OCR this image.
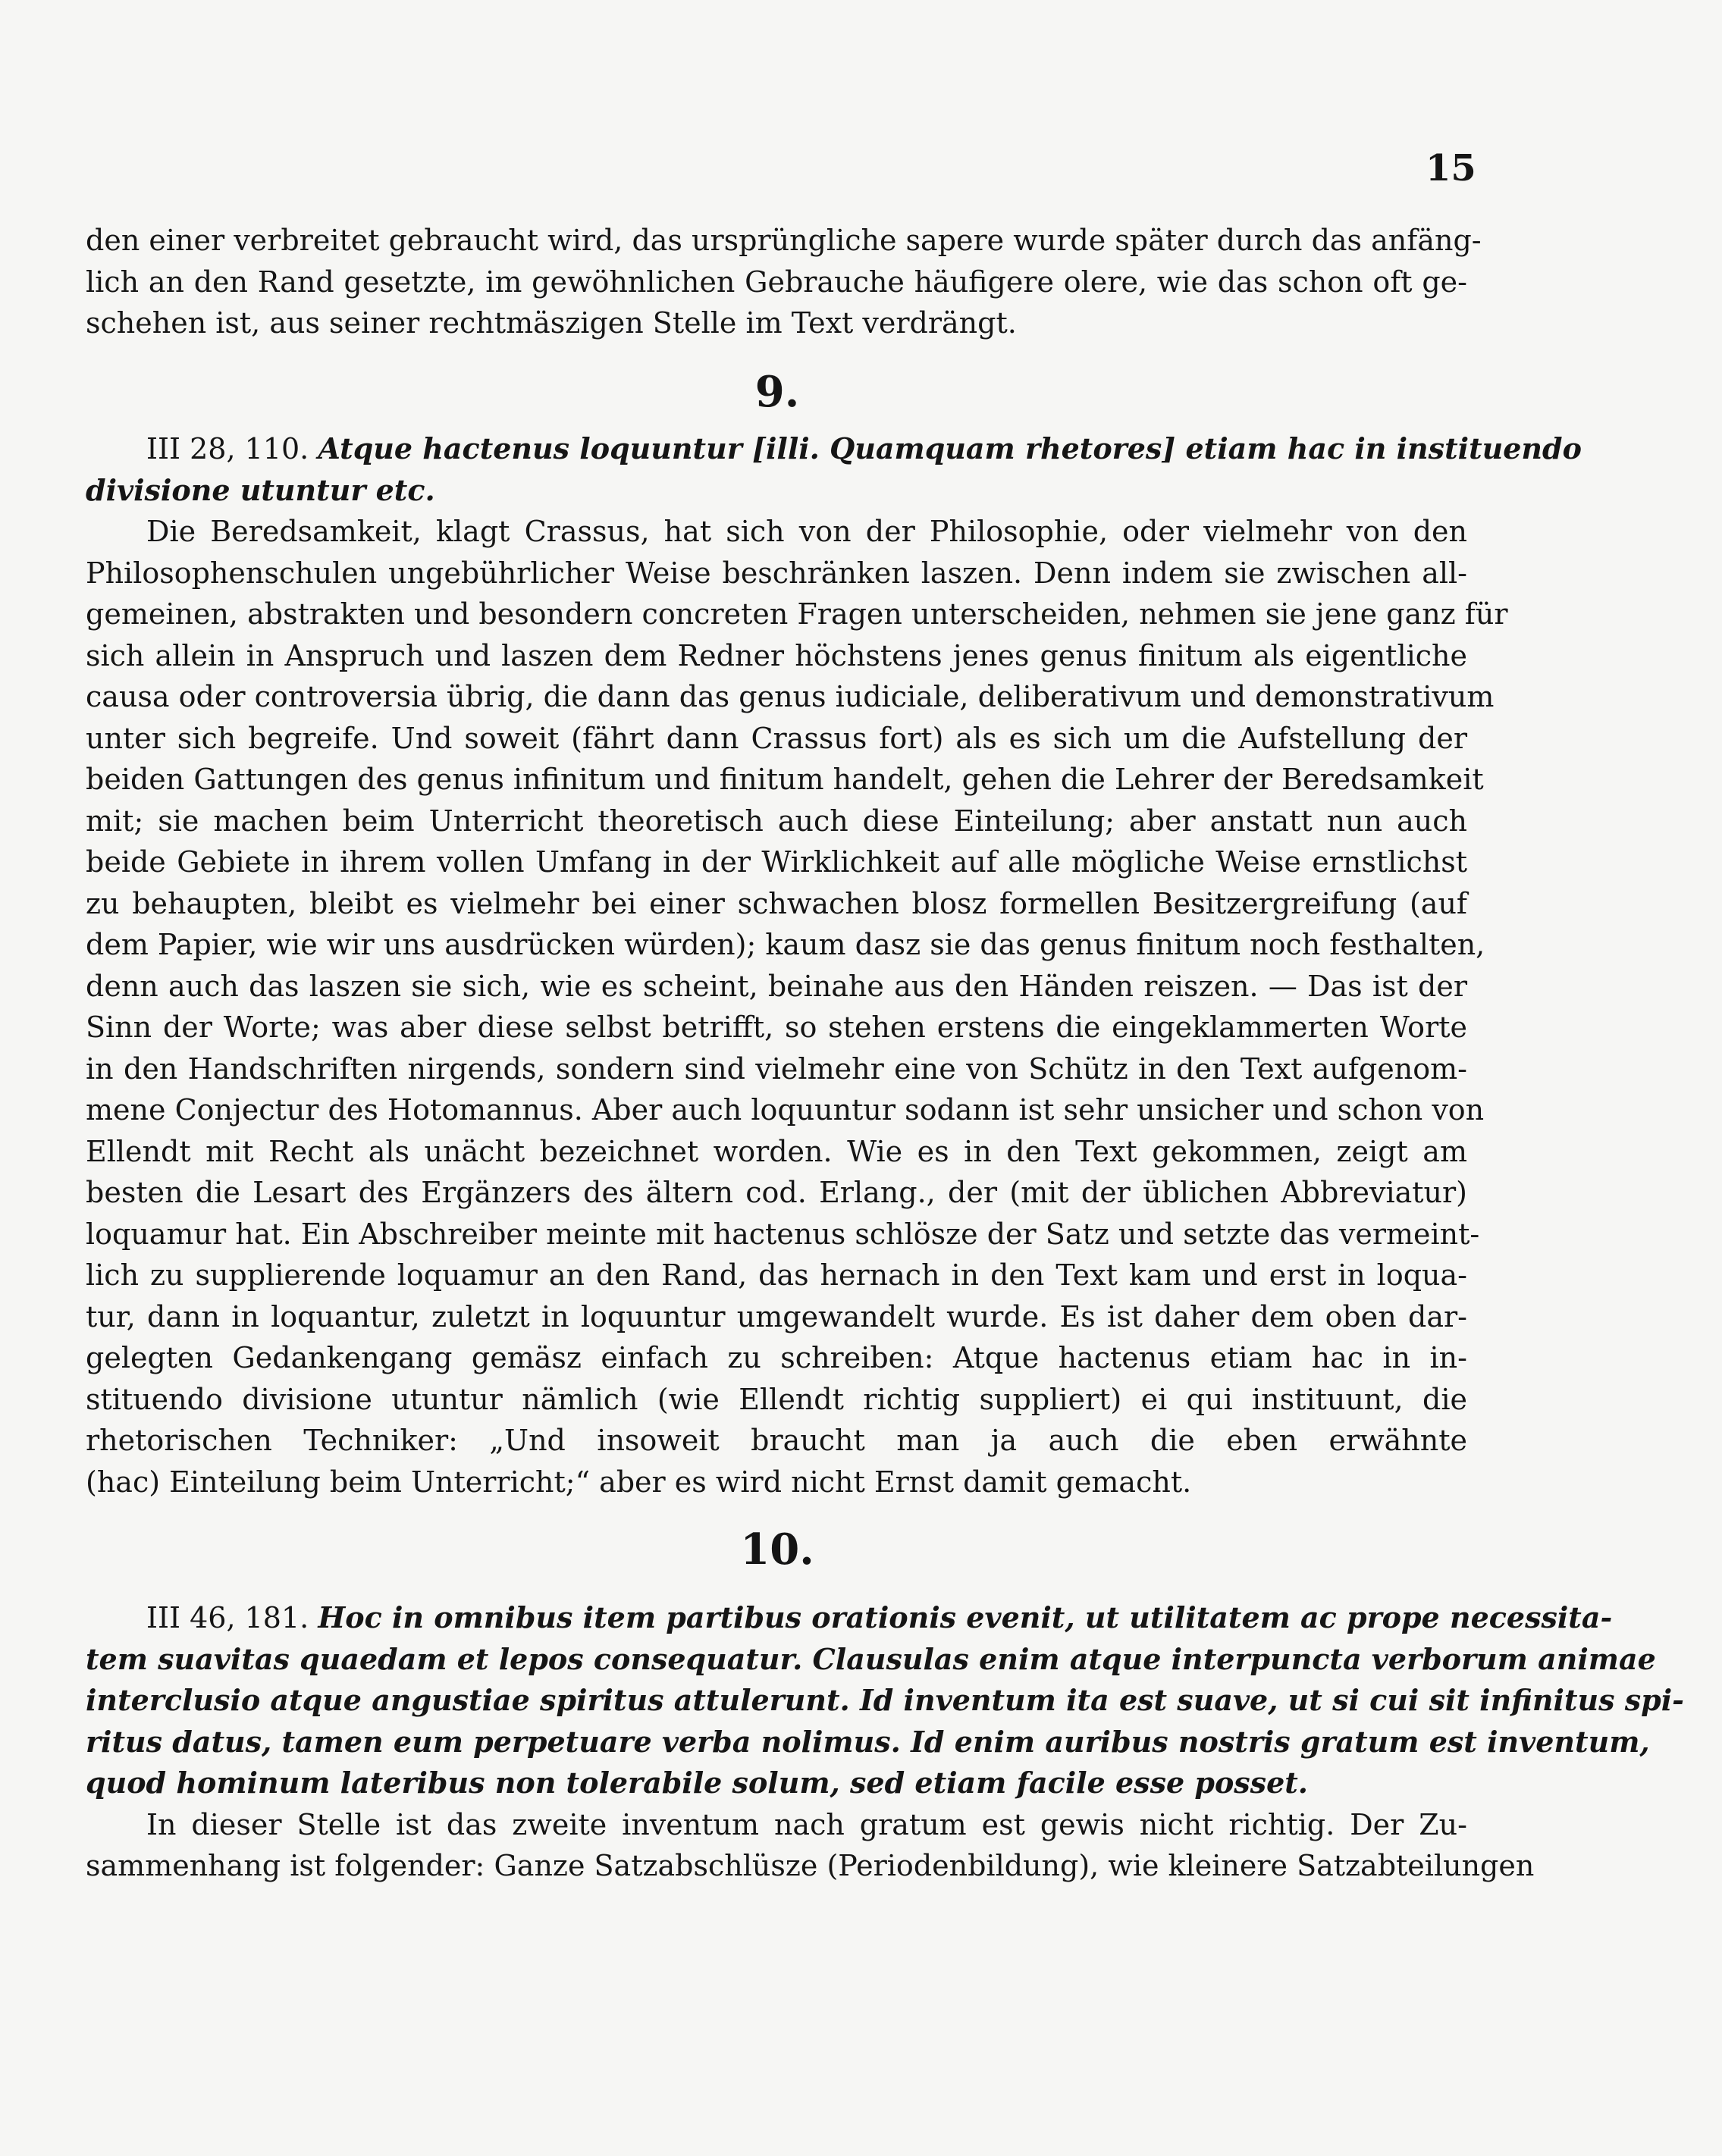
15
den einer verbreitet gebraucht wird, das ursprüngliche sapere wurde später durch das anfäng-
lich an den Rand gesetzte, im gewöhnlichen Gebrauche häufigere olere, wie das schon oft ge-
schehen ist, aus seiner rechtmäszigen Stelle im Text verdrängt.
9.
III 28, 110. Atque hactenus loquuntur [illi. Quamquam rhetores] etiam hac in instituendo
divisione utuntur etc.
Die Beredsamkeit, klagt Crassus, hat sich von der Philosophie, oder vielmehr von den
Philosophenschulen ungebührlicher Weise beschränken laszen. Denn indem sie zwischen all-
gemeinen, abstrakten und besondern concreten Fragen unterscheiden, nehmen sie jene ganz für
sich allein in Anspruch und laszen dem Redner höchstens jenes genus finitum als eigentliche
causa oder controversia übrig, die dann das genus iudiciale, deliberativum und demonstrativum
unter sich begreife. Und soweit (fährt dann Crassus fort) als es sich um die Aufstellung der
beiden Gattungen des genus infinitum und finitum handelt, gehen die Lehrer der Beredsamkeit
mit; sie machen beim Unterricht theoretisch auch diese Einteilung; aber anstatt nun auch
beide Gebiete in ihrem vollen Umfang in der Wirklichkeit auf alle mögliche Weise ernstlichst
zu behaupten, bleibt es vielmehr bei einer schwachen blosz formellen Besitzergreifung (auf
dem Papier, wie wir uns ausdrücken würden); kaum dasz sie das genus finitum noch festhalten,
denn auch das laszen sie sich, wie es scheint, beinahe aus den Händen reiszen. — Das ist der
Sinn der Worte; was aber diese selbst betrifft, so stehen erstens die eingeklammerten Worte
in den Handschriften nirgends, sondern sind vielmehr eine von Schütz in den Text aufgenom-
mene Conjectur des Hotomannus. Aber auch loquuntur sodann ist sehr unsicher und schon von
Ellendt mit Recht als unächt bezeichnet worden. Wie es in den Text gekommen, zeigt am
besten die Lesart des Ergänzers des ältern cod. Erlang., der (mit der üblichen Abbreviatur)
loquamur hat. Ein Abschreiber meinte mit hactenus schlösze der Satz und setzte das vermeint-
lich zu supplierende loquamur an den Rand, das hernach in den Text kam und erst in loqua-
tur, dann in loquantur, zuletzt in loquuntur umgewandelt wurde. Es ist daher dem oben dar-
gelegten Gedankengang gemäsz einfach zu schreiben: Atque hactenus etiam hac in in-
stituendo divisione utuntur nämlich (wie Ellendt richtig suppliert) ei qui instituunt, die
rhetorischen Techniker: „Und insoweit braucht man ja auch die eben erwähnte
(hac) Einteilung beim Unterricht;“ aber es wird nicht Ernst damit gemacht.
10.
III 46, 181. Hoc in omnibus item partibus orationis evenit, ut utilitatem ac prope necessita-
tem suavitas quaedam et lepos consequatur. Clausulas enim atque interpuncta verborum animae
interclusio atque angustiae spiritus attulerunt. Id inventum ita est suave, ut si cui sit infinitus spi-
ritus datus, tamen eum perpetuare verba nolimus. Id enim auribus nostris gratum est inventum,
quod hominum lateribus non tolerabile solum, sed etiam facile esse posset.
In dieser Stelle ist das zweite inventum nach gratum est gewis nicht richtig. Der Zu-
sammenhang ist folgender: Ganze Satzabschlüsze (Periodenbildung), wie kleinere Satzabteilungen
